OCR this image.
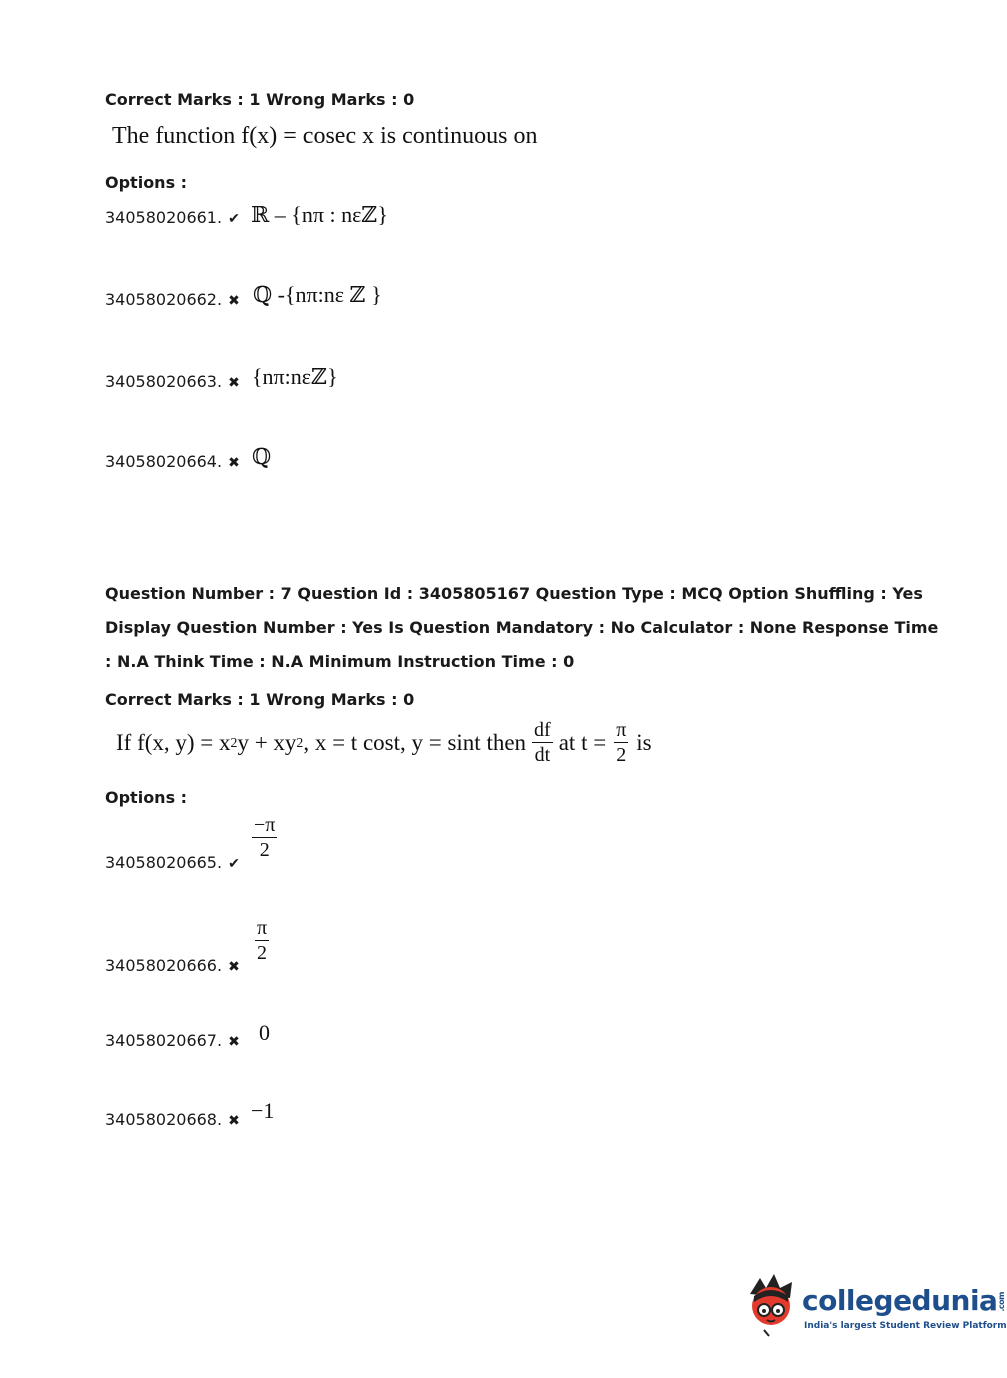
Correct Marks : 1 Wrong Marks : 0
The function f(x) = cosec x is continuous on
Options :
34058020661. ✔ ℝ – {nπ : nεℤ}
34058020662. ✖ ℚ -{nπ:nε ℤ }
34058020663. ✖ {nπ:nεℤ}
34058020664. ✖ ℚ
Question Number : 7 Question Id : 3405805167 Question Type : MCQ Option Shuffling : Yes
Display Question Number : Yes Is Question Mandatory : No Calculator : None Response Time
: N.A Think Time : N.A Minimum Instruction Time : 0
Correct Marks : 1 Wrong Marks : 0
If f(x, y) = x 2 y + xy 2 , x = t cost, y = sint then $\frac{df}{dt}$ at $t = \frac{\pi}{2}$ is
Options :
34058020665. ✔
$\frac{-\pi}{2}$
34058020666. ✖
$\frac{\pi}{2}$
34058020667. ✖ 0
34058020668. ✖ −1
collegedunia.com
India's largest Student Review Platform
